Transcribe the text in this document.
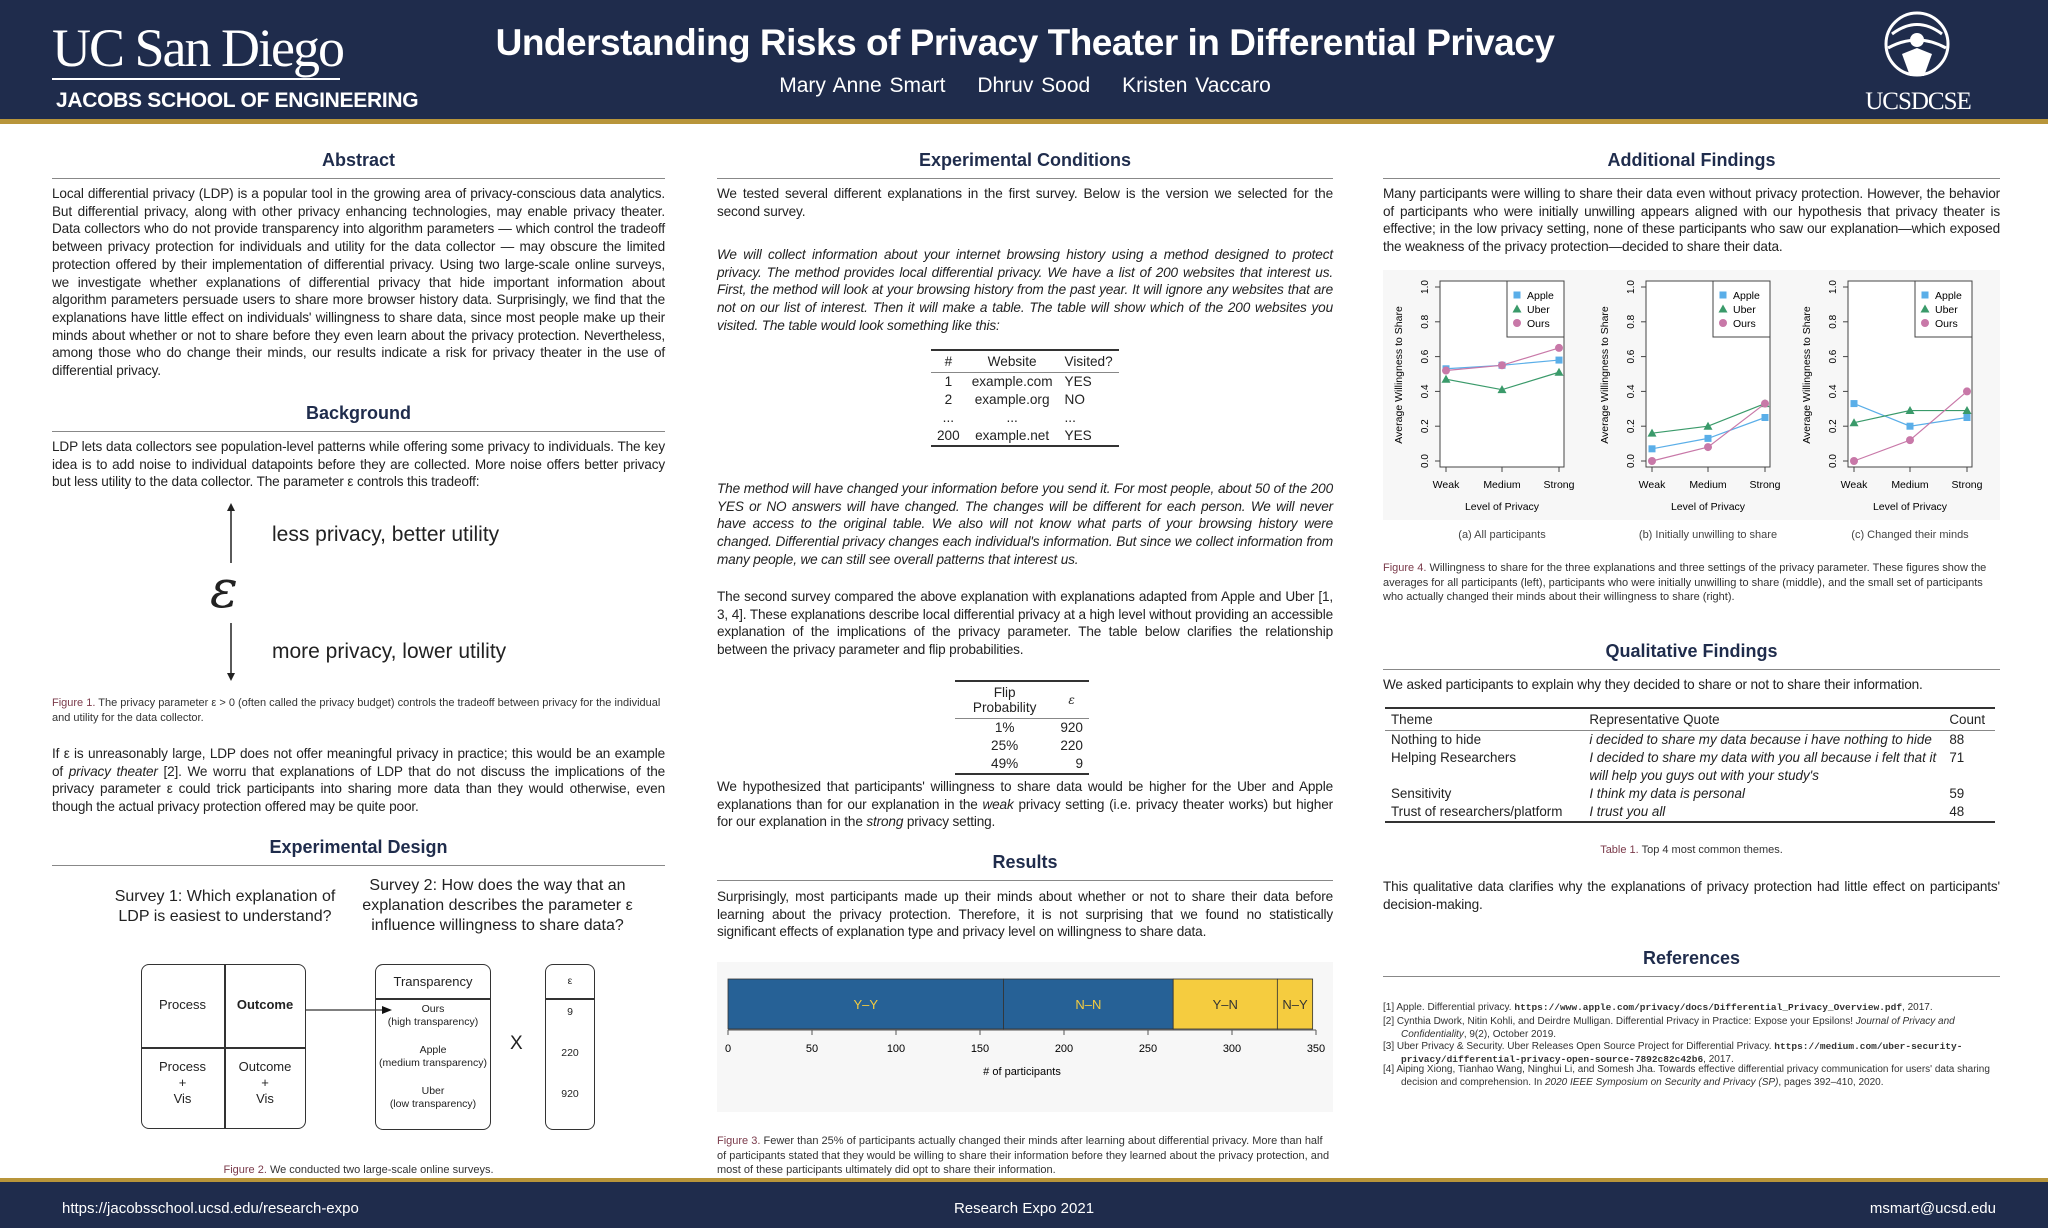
UC San Diego
JACOBS SCHOOL OF ENGINEERING
Understanding Risks of Privacy Theater in Differential Privacy
Mary Anne Smart Dhruv Sood Kristen Vaccaro
UCSDCSE
Abstract
Local differential privacy (LDP) is a popular tool in the growing area of privacy-conscious data analytics. But differential privacy, along with other privacy enhancing technologies, may enable privacy theater. Data collectors who do not provide transparency into algorithm parameters — which control the tradeoff between privacy protection for individuals and utility for the data collector — may obscure the limited protection offered by their implementation of differential privacy. Using two large-scale online surveys, we investigate whether explanations of differential privacy that hide important information about algorithm parameters persuade users to share more browser history data. Surprisingly, we find that the explanations have little effect on individuals' willingness to share data, since most people make up their minds about whether or not to share before they even learn about the privacy protection. Nevertheless, among those who do change their minds, our results indicate a risk for privacy theater in the use of differential privacy.
Background
LDP lets data collectors see population-level patterns while offering some privacy to individuals. The key idea is to add noise to individual datapoints before they are collected. More noise offers better privacy but less utility to the data collector. The parameter ε controls this tradeoff:
ε
less privacy, better utility
more privacy, lower utility
Figure 1. The privacy parameter ε > 0 (often called the privacy budget) controls the tradeoff between privacy for the individual and utility for the data collector.
If ε is unreasonably large, LDP does not offer meaningful privacy in practice; this would be an example of privacy theater [2]. We worru that explanations of LDP that do not discuss the implications of the privacy parameter ε could trick participants into sharing more data than they would otherwise, even though the actual privacy protection offered may be quite poor.
Experimental Design
Survey 1: Which explanation of LDP is easiest to understand?
Survey 2: How does the way that an explanation describes the parameter ε influence willingness to share data?
Process	Outcome
Process
+
Vis
Outcome
+
Vis
Transparency
Ours
(high transparency)
Apple
(medium transparency)
Uber
(low transparency)
X
ε
9
220
920
Figure 2. We conducted two large-scale online surveys.
Experimental Conditions
We tested several different explanations in the first survey. Below is the version we selected for the second survey.
We will collect information about your internet browsing history using a method designed to protect privacy. The method provides local differential privacy. We have a list of 200 websites that interest us. First, the method will look at your browsing history from the past year. It will ignore any websites that are not on our list of interest. Then it will make a table. The table will show which of the 200 websites you visited. The table would look something like this:
#	Website	Visited?
1	example.com	YES
2	example.org	NO
...	...	...
200	example.net	YES
The method will have changed your information before you send it. For most people, about 50 of the 200 YES or NO answers will have changed. The changes will be different for each person. We will never have access to the original table. We also will not know what parts of your browsing history were changed. Differential privacy changes each individual's information. But since we collect information from many people, we can still see overall patterns that interest us.
The second survey compared the above explanation with explanations adapted from Apple and Uber [1, 3, 4]. These explanations describe local differential privacy at a high level without providing an accessible explanation of the implications of the privacy parameter. The table below clarifies the relationship between the privacy parameter and flip probabilities.
Flip Probability	ε
1%	920
25%	220
49%	9
We hypothesized that participants' willingness to share data would be higher for the Uber and Apple explanations than for our explanation in the weak privacy setting (i.e. privacy theater works) but higher for our explanation in the strong privacy setting.
Results
Surprisingly, most participants made up their minds about whether or not to share their data before learning about the privacy protection. Therefore, it is not surprising that we found no statistically significant effects of explanation type and privacy level on willingness to share data.
Y–Y	N–N	Y–N	N–Y
0	50	100	150	200	250	300	350
# of participants
Figure 3. Fewer than 25% of participants actually changed their minds after learning about differential privacy. More than half of participants stated that they would be willing to share their information before they learned about the privacy protection, and most of these participants ultimately did opt to share their information.
Additional Findings
Many participants were willing to share their data even without privacy protection. However, the behavior of participants who were initially unwilling appears aligned with our hypothesis that privacy theater is effective; in the low privacy setting, none of these participants who saw our explanation—which exposed the weakness of the privacy protection—decided to share their data.
0.0
0.2
0.4
0.6
0.8
1.0
Weak Medium Strong
Average Willingness to Share
Level of Privacy
(a) All participants
Apple
Uber
Ours
0.0
0.2
0.4
0.6
0.8
1.0
Weak Medium Strong
Average Willingness to Share
Level of Privacy
(b) Initially unwilling to share
Apple
Uber
Ours
0.0
0.2
0.4
0.6
0.8
1.0
Weak Medium Strong
Average Willingness to Share
Level of Privacy
(c) Changed their minds
Apple
Uber
Ours
Figure 4. Willingness to share for the three explanations and three settings of the privacy parameter. These figures show the averages for all participants (left), participants who were initially unwilling to share (middle), and the small set of participants who actually changed their minds about their willingness to share (right).
Qualitative Findings
We asked participants to explain why they decided to share or not to share their information.
Theme	Representative Quote	Count
Nothing to hide	i decided to share my data because i have nothing to hide	88
Helping Researchers	I decided to share my data with you all because i felt that it will help you guys out with your study's	71
Sensitivity	I think my data is personal	59
Trust of researchers/platform	I trust you all	48
Table 1. Top 4 most common themes.
This qualitative data clarifies why the explanations of privacy protection had little effect on participants' decision-making.
References
[1] Apple. Differential privacy. https://www.apple.com/privacy/docs/Differential_Privacy_Overview.pdf, 2017.
[2] Cynthia Dwork, Nitin Kohli, and Deirdre Mulligan. Differential Privacy in Practice: Expose your Epsilons! Journal of Privacy and Confidentiality, 9(2), October 2019.
[3] Uber Privacy & Security. Uber Releases Open Source Project for Differential Privacy. https://medium.com/uber-security-privacy/differential-privacy-open-source-7892c82c42b6, 2017.
[4] Aiping Xiong, Tianhao Wang, Ninghui Li, and Somesh Jha. Towards effective differential privacy communication for users' data sharing decision and comprehension. In 2020 IEEE Symposium on Security and Privacy (SP), pages 392–410, 2020.
https://jacobsschool.ucsd.edu/research-expo	Research Expo 2021	msmart@ucsd.edu
